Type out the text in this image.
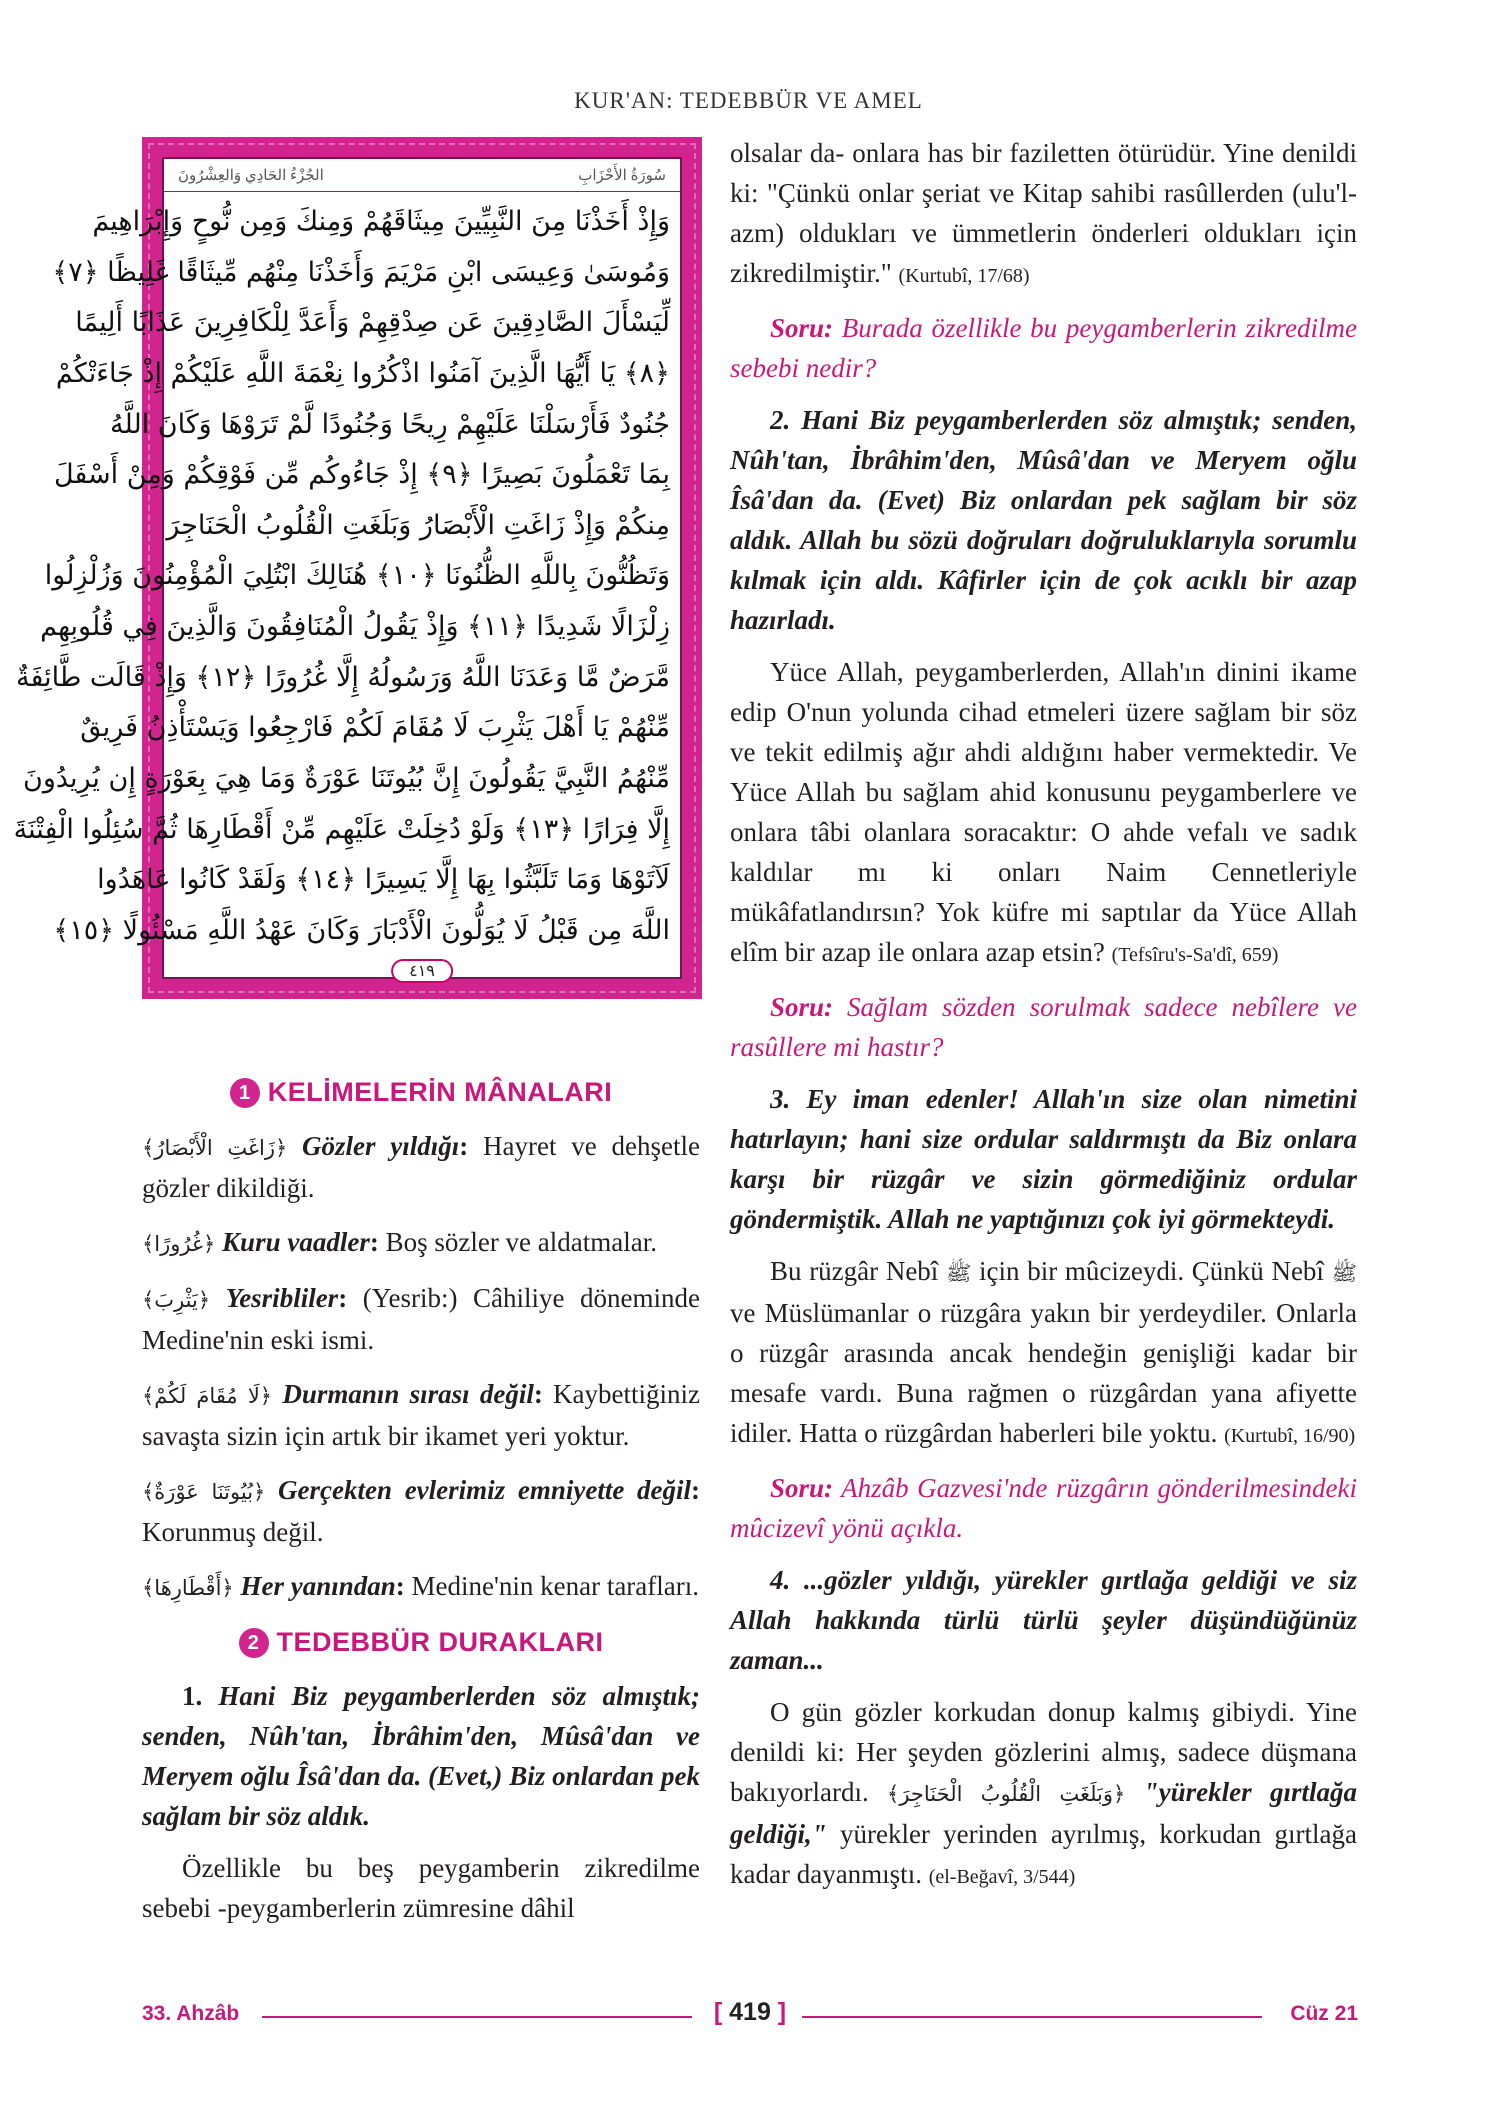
KUR'AN: TEDEBBÜR VE AMEL
سُورَةُ الأَحْزَابِ
الجُزْءُ الحَادِي وَالعِشْرُونَ
وَإِذْ أَخَذْنَا مِنَ النَّبِيِّينَ مِيثَاقَهُمْ وَمِنكَ وَمِن نُّوحٍ وَإِبْرَاهِيمَ
وَمُوسَىٰ وَعِيسَى ابْنِ مَرْيَمَ وَأَخَذْنَا مِنْهُم مِّيثَاقًا غَلِيظًا ﴿٧﴾
لِّيَسْأَلَ الصَّادِقِينَ عَن صِدْقِهِمْ وَأَعَدَّ لِلْكَافِرِينَ عَذَابًا أَلِيمًا
﴿٨﴾ يَا أَيُّهَا الَّذِينَ آمَنُوا اذْكُرُوا نِعْمَةَ اللَّهِ عَلَيْكُمْ إِذْ جَاءَتْكُمْ
جُنُودٌ فَأَرْسَلْنَا عَلَيْهِمْ رِيحًا وَجُنُودًا لَّمْ تَرَوْهَا وَكَانَ اللَّهُ
بِمَا تَعْمَلُونَ بَصِيرًا ﴿٩﴾ إِذْ جَاءُوكُم مِّن فَوْقِكُمْ وَمِنْ أَسْفَلَ
مِنكُمْ وَإِذْ زَاغَتِ الْأَبْصَارُ وَبَلَغَتِ الْقُلُوبُ الْحَنَاجِرَ
وَتَظُنُّونَ بِاللَّهِ الظُّنُونَا ﴿١٠﴾ هُنَالِكَ ابْتُلِيَ الْمُؤْمِنُونَ وَزُلْزِلُوا
زِلْزَالًا شَدِيدًا ﴿١١﴾ وَإِذْ يَقُولُ الْمُنَافِقُونَ وَالَّذِينَ فِي قُلُوبِهِم
مَّرَضٌ مَّا وَعَدَنَا اللَّهُ وَرَسُولُهُ إِلَّا غُرُورًا ﴿١٢﴾ وَإِذْ قَالَت طَّائِفَةٌ
مِّنْهُمْ يَا أَهْلَ يَثْرِبَ لَا مُقَامَ لَكُمْ فَارْجِعُوا وَيَسْتَأْذِنُ فَرِيقٌ
مِّنْهُمُ النَّبِيَّ يَقُولُونَ إِنَّ بُيُوتَنَا عَوْرَةٌ وَمَا هِيَ بِعَوْرَةٍ إِن يُرِيدُونَ
إِلَّا فِرَارًا ﴿١٣﴾ وَلَوْ دُخِلَتْ عَلَيْهِم مِّنْ أَقْطَارِهَا ثُمَّ سُئِلُوا الْفِتْنَةَ
لَآتَوْهَا وَمَا تَلَبَّثُوا بِهَا إِلَّا يَسِيرًا ﴿١٤﴾ وَلَقَدْ كَانُوا عَاهَدُوا
اللَّهَ مِن قَبْلُ لَا يُوَلُّونَ الْأَدْبَارَ وَكَانَ عَهْدُ اللَّهِ مَسْئُولًا ﴿١٥﴾
٤١٩
1 KELİMELERİN MÂNALARI

﴿زَاغَتِ الْأَبْصَارُ﴾ Gözler yıldığı: Hayret ve dehşetle gözler dikildiği.

﴿غُرُورًا﴾ Kuru vaadler: Boş sözler ve aldatmalar.

﴿يَثْرِبَ﴾ Yesribliler: (Yesrib:) Câhiliye döneminde Medine'nin eski ismi.

﴿لَا مُقَامَ لَكُمْ﴾ Durmanın sırası değil: Kaybettiğiniz savaşta sizin için artık bir ikamet yeri yoktur.

﴿بُيُوتَنَا عَوْرَةٌ﴾ Gerçekten evlerimiz emniyette değil: Korunmuş değil.

﴿أَقْطَارِهَا﴾ Her yanından: Medine'nin kenar tarafları.

2 TEDEBBÜR DURAKLARI

1. Hani Biz peygamberlerden söz almıştık; senden, Nûh'tan, İbrâhim'den, Mûsâ'dan ve Meryem oğlu Îsâ'dan da. (Evet,) Biz onlardan pek sağlam bir söz aldık.

Özellikle bu beş peygamberin zikredilme sebebi -peygamberlerin zümresine dâhil

olsalar da- onlara has bir faziletten ötürüdür. Yine denildi ki: "Çünkü onlar şeriat ve Kitap sahibi rasûllerden (ulu'l-azm) oldukları ve ümmetlerin önderleri oldukları için zikredilmiştir." (Kurtubî, 17/68)

Soru: Burada özellikle bu peygamberlerin zikredilme sebebi nedir?

2. Hani Biz peygamberlerden söz almıştık; senden, Nûh'tan, İbrâhim'den, Mûsâ'dan ve Meryem oğlu Îsâ'dan da. (Evet) Biz onlardan pek sağlam bir söz aldık. Allah bu sözü doğruları doğruluklarıyla sorumlu kılmak için aldı. Kâfirler için de çok acıklı bir azap hazırladı.

Yüce Allah, peygamberlerden, Allah'ın dinini ikame edip O'nun yolunda cihad etmeleri üzere sağlam bir söz ve tekit edilmiş ağır ahdi aldığını haber vermektedir. Ve Yüce Allah bu sağlam ahid konusunu peygamberlere ve onlara tâbi olanlara soracaktır: O ahde vefalı ve sadık kaldılar mı ki onları Naim Cennetleriyle mükâfatlandırsın? Yok küfre mi saptılar da Yüce Allah elîm bir azap ile onlara azap etsin? (Tefsîru's-Sa'dî, 659)

Soru: Sağlam sözden sorulmak sadece nebîlere ve rasûllere mi hastır?

3. Ey iman edenler! Allah'ın size olan nimetini hatırlayın; hani size ordular saldırmıştı da Biz onlara karşı bir rüzgâr ve sizin görmediğiniz ordular göndermiştik. Allah ne yaptığınızı çok iyi görmekteydi.

Bu rüzgâr Nebî ﷺ için bir mûcizeydi. Çünkü Nebî ﷺ ve Müslümanlar o rüzgâra yakın bir yerdeydiler. Onlarla o rüzgâr arasında ancak hendeğin genişliği kadar bir mesafe vardı. Buna rağmen o rüzgârdan yana afiyette idiler. Hatta o rüzgârdan haberleri bile yoktu. (Kurtubî, 16/90)

Soru: Ahzâb Gazvesi'nde rüzgârın gönderilmesindeki mûcizevî yönü açıkla.

4. ...gözler yıldığı, yürekler gırtlağa geldiği ve siz Allah hakkında türlü türlü şeyler düşündüğünüz zaman...

O gün gözler korkudan donup kalmış gibiydi. Yine denildi ki: Her şeyden gözlerini almış, sadece düşmana bakıyorlardı. ﴿وَبَلَغَتِ الْقُلُوبُ الْحَنَاجِرَ﴾ "yürekler gırtlağa geldiği," yürekler yerinden ayrılmış, korkudan gırtlağa kadar dayanmıştı. (el-Beğavî, 3/544)

33. Ahzâb	[ 419 ]	Cüz 21
